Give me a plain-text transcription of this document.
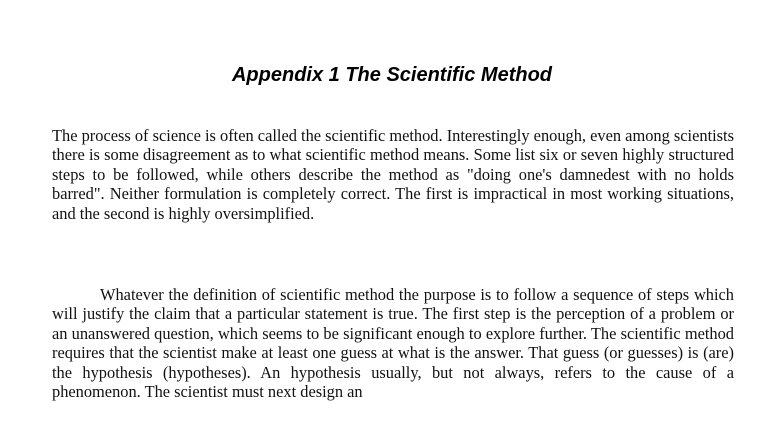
Appendix 1 The Scientific Method

The process of science is often called the scientific method. Interestingly enough, even among scientists there is some disagreement as to what scientific method means. Some list six or seven highly structured steps to be followed, while others describe the method as "doing one's damnedest with no holds barred". Neither formulation is completely correct. The first is impractical in most working situations, and the second is highly oversimplified.

Whatever the definition of scientific method the purpose is to follow a sequence of steps which will justify the claim that a particular statement is true. The first step is the perception of a problem or an unanswered question, which seems to be significant enough to explore further. The scientific method requires that the scientist make at least one guess at what is the answer. That guess (or guesses) is (are) the hypothesis (hypotheses). An hypothesis usually, but not always, refers to the cause of a phenomenon. The scientist must next design an
